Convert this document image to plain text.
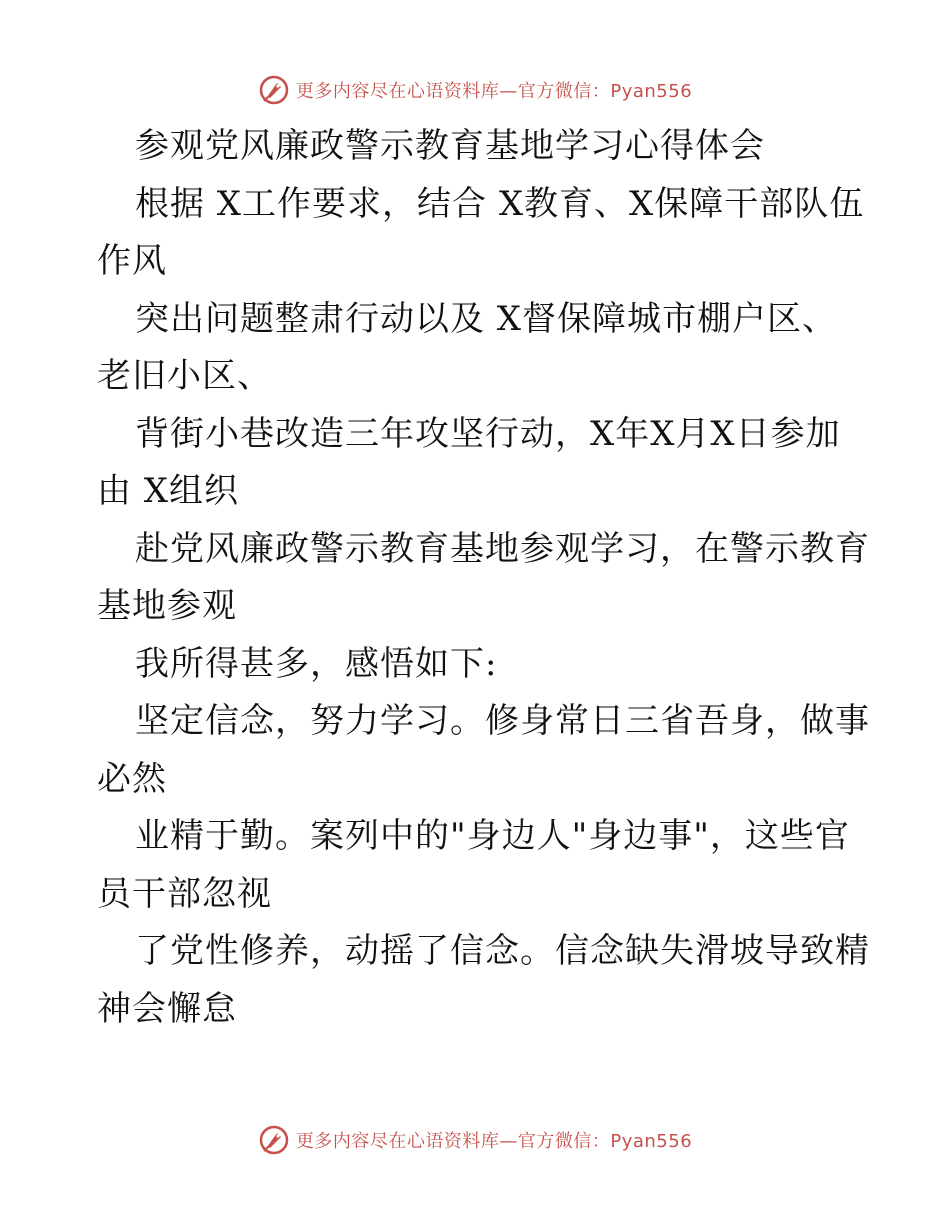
更多内容尽在心语资料库—官方微信：Pyan556
参观党风廉政警示教育基地学习心得体会
根据 X工作要求，结合 X教育、X保障干部队伍
作风
突出问题整肃行动以及 X督保障城市棚户区、
老旧小区、
背街小巷改造三年攻坚行动，X年X月X日参加
由 X组织
赴党风廉政警示教育基地参观学习，在警示教育
基地参观
我所得甚多，感悟如下:
坚定信念，努力学习。修身常日三省吾身，做事
必然
业精于勤。案列中的"身边人"身边事"，这些官
员干部忽视
了党性修养，动摇了信念。信念缺失滑坡导致精
神会懈怠
更多内容尽在心语资料库—官方微信：Pyan556
